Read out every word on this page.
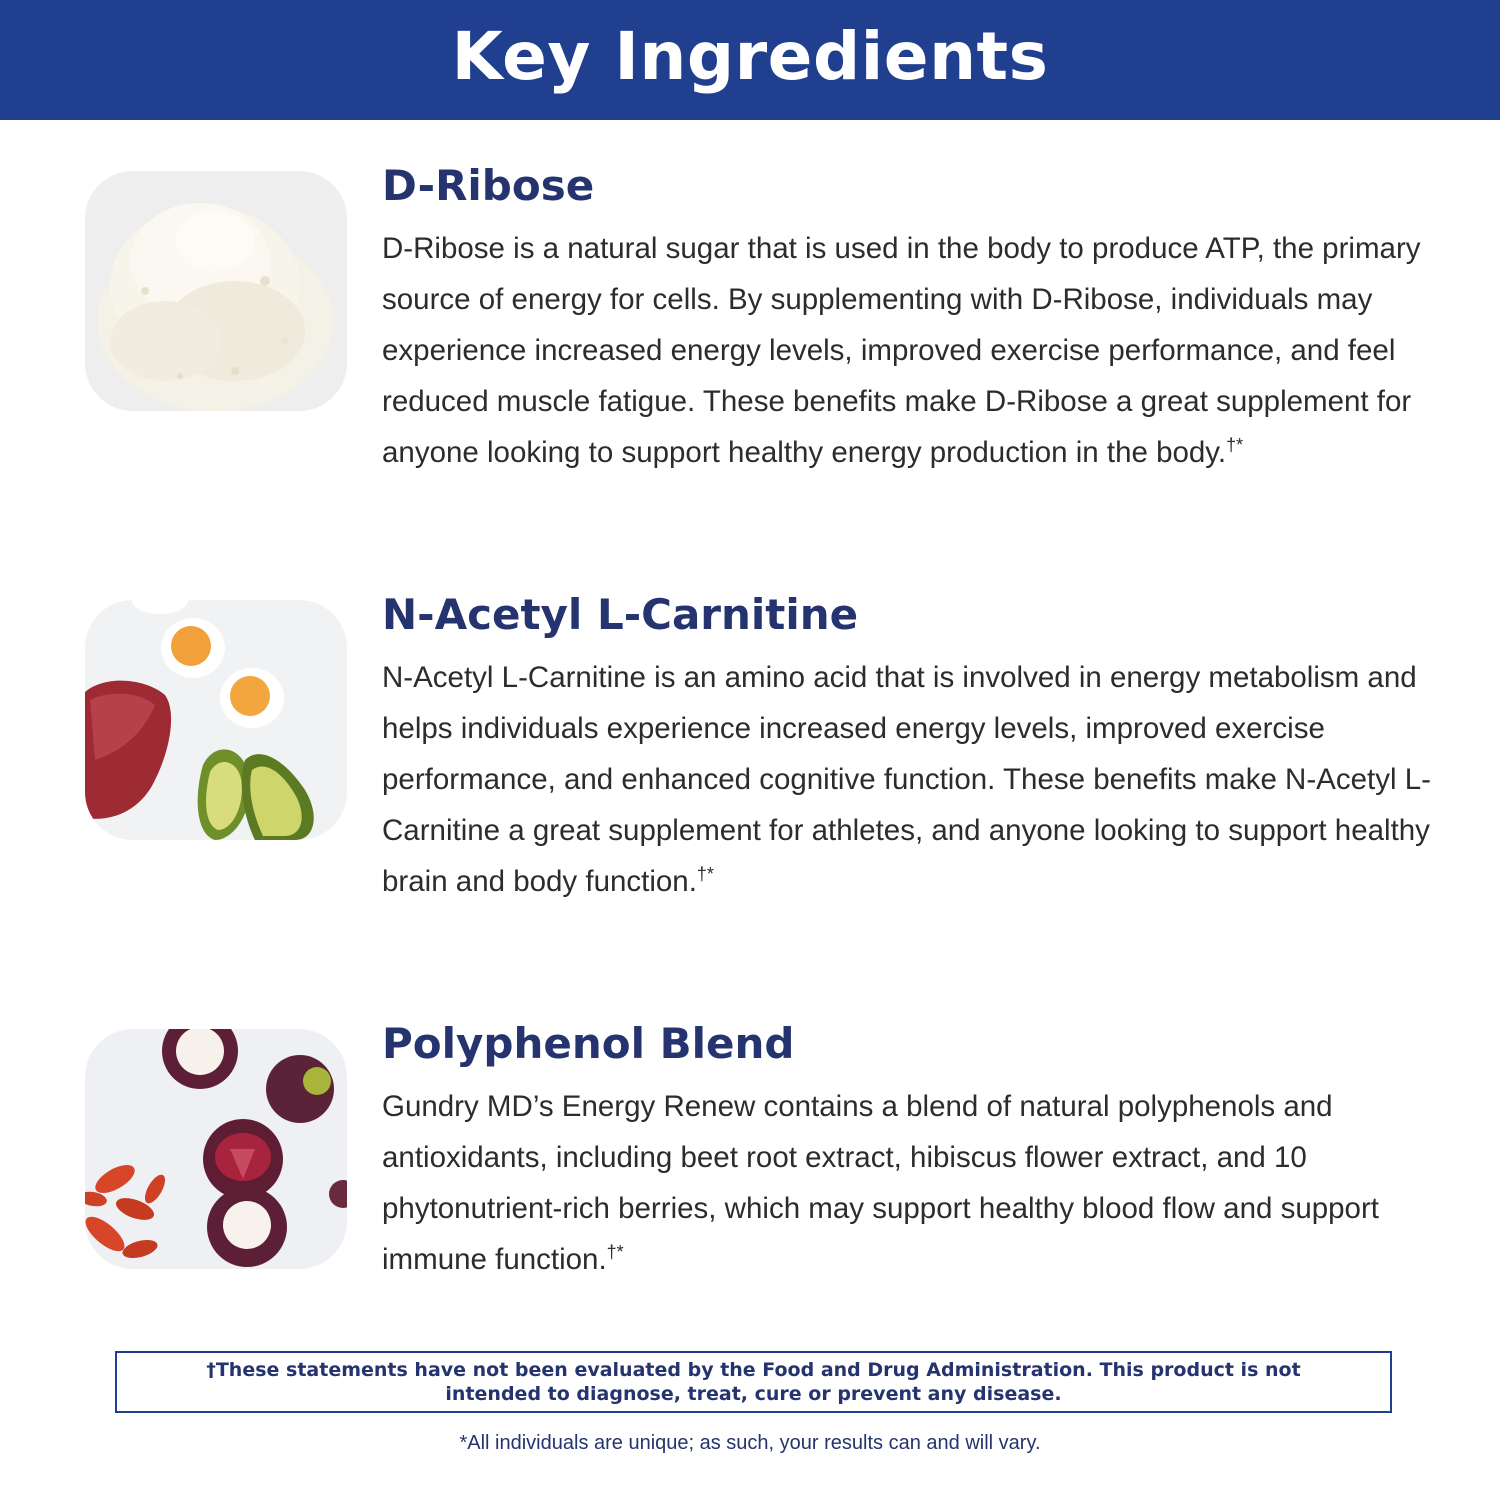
Key Ingredients
D-Ribose

D-Ribose is a natural sugar that is used in the body to produce ATP, the primary source of energy for cells. By supplementing with D-Ribose, individuals may experience increased energy levels, improved exercise performance, and feel reduced muscle fatigue. These benefits make D-Ribose a great supplement for anyone looking to support healthy energy production in the body.†*

N-Acetyl L-Carnitine

N-Acetyl L-Carnitine is an amino acid that is involved in energy metabolism and helps individuals experience increased energy levels, improved exercise performance, and enhanced cognitive function. These benefits make N-Acetyl L-Carnitine a great supplement for athletes, and anyone looking to support healthy brain and body function.†*

Polyphenol Blend

Gundry MD’s Energy Renew contains a blend of natural polyphenols and antioxidants, including beet root extract, hibiscus flower extract, and 10 phytonutrient-rich berries, which may support healthy blood flow and support immune function.†*

†These statements have not been evaluated by the Food and Drug Administration. This product is not
intended to diagnose, treat, cure or prevent any disease.

*All individuals are unique; as such, your results can and will vary.
